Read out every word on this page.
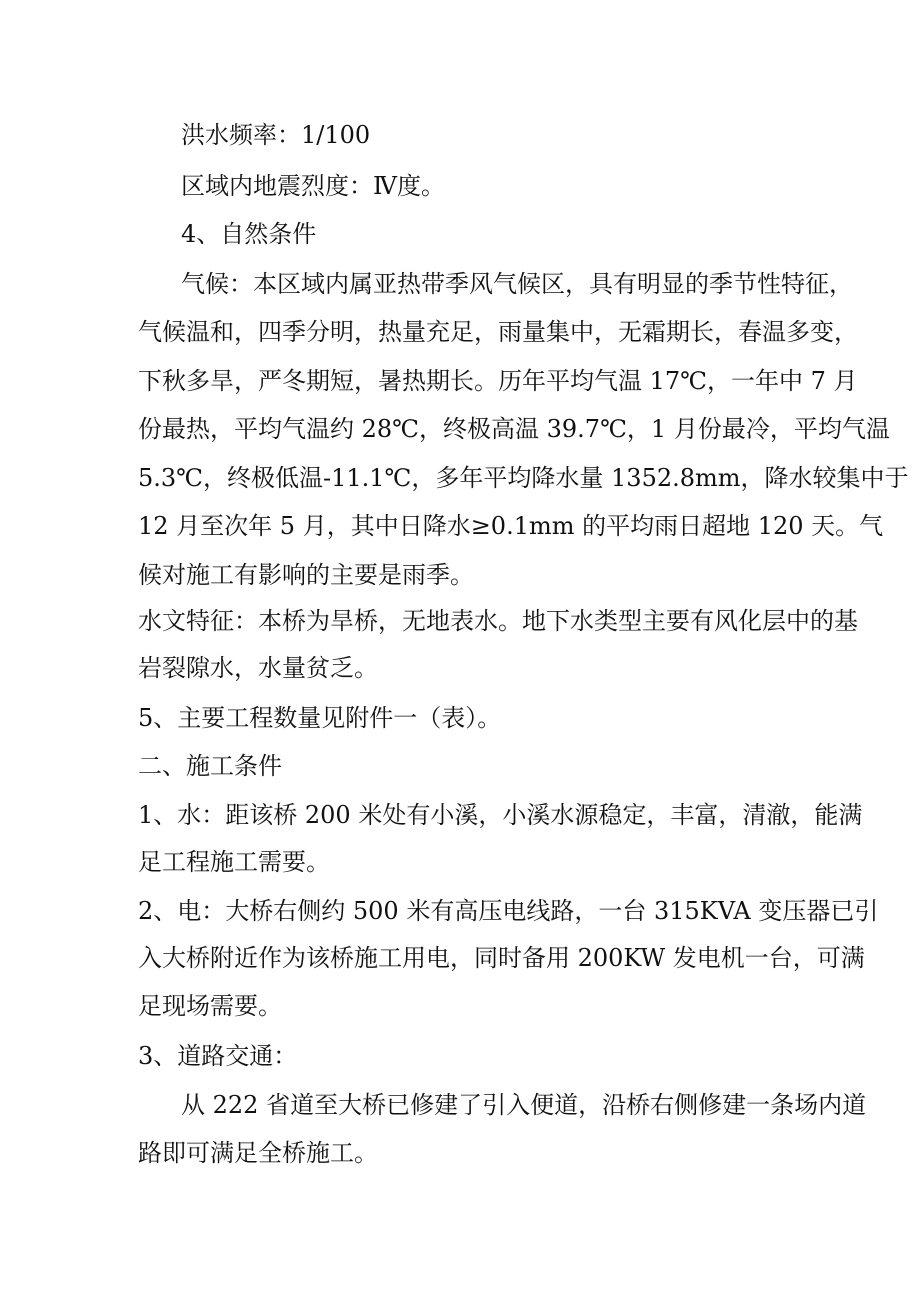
洪水频率：1/100
区域内地震烈度：Ⅳ度。
4、自然条件
气候：本区域内属亚热带季风气候区，具有明显的季节性特征，
气候温和，四季分明，热量充足，雨量集中，无霜期长，春温多变，
下秋多旱，严冬期短，暑热期长。历年平均气温 17℃，一年中 7 月
份最热，平均气温约 28℃，终极高温 39.7℃，1 月份最冷，平均气温
5.3℃，终极低温-11.1℃，多年平均降水量 1352.8mm，降水较集中于
12 月至次年 5 月，其中日降水≥0.1mm 的平均雨日超地 120 天。气
候对施工有影响的主要是雨季。
水文特征：本桥为旱桥，无地表水。地下水类型主要有风化层中的基
岩裂隙水，水量贫乏。
5、主要工程数量见附件一（表）。
二、施工条件
1、水：距该桥 200 米处有小溪，小溪水源稳定，丰富，清澈，能满
足工程施工需要。
2、电：大桥右侧约 500 米有高压电线路，一台 315KVA 变压器已引
入大桥附近作为该桥施工用电，同时备用 200KW 发电机一台，可满
足现场需要。
3、道路交通：
从 222 省道至大桥已修建了引入便道，沿桥右侧修建一条场内道
路即可满足全桥施工。
